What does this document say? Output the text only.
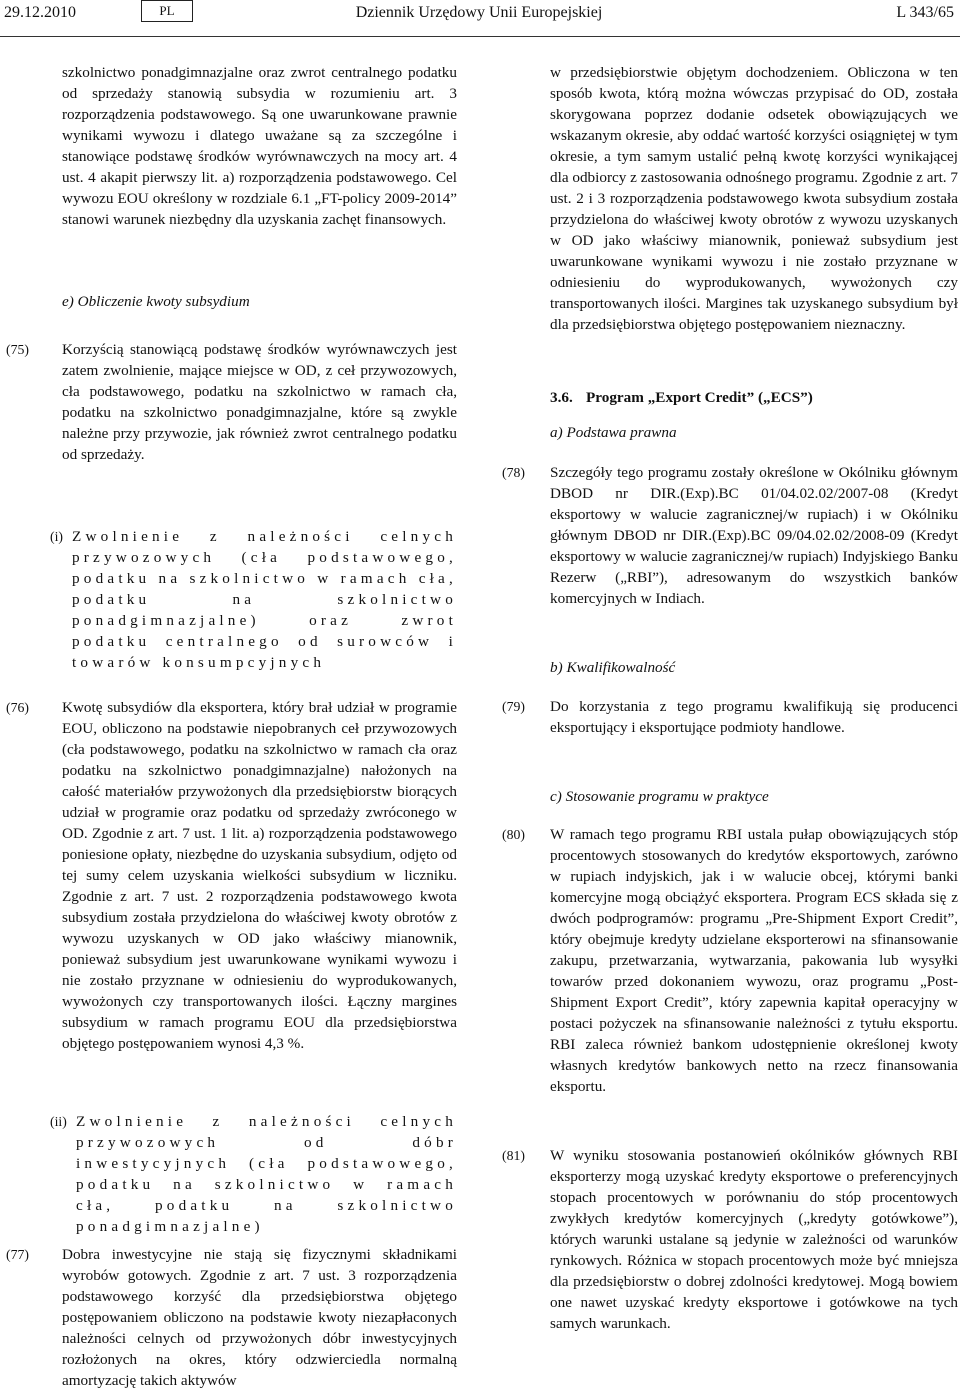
29.12.2010	PL	Dziennik Urzędowy Unii Europejskiej	L 343/65

szkolnictwo ponadgimnazjalne oraz zwrot centralnego podatku od sprzedaży stanowią subsydia w rozumieniu art. 3 rozporządzenia podstawowego. Są one uwarunkowane prawnie wynikami wywozu i dlatego uważane są za szczególne i stanowiące podstawę środków wyrównawczych na mocy art. 4 ust. 4 akapit pierwszy lit. a) rozporządzenia podstawowego. Cel wywozu EOU określony w rozdziale 6.1 „FT-policy 2009-2014” stanowi warunek niezbędny dla uzyskania zachęt finansowych.

e) Obliczenie kwoty subsydium

(75) Korzyścią stanowiącą podstawę środków wyrównawczych jest zatem zwolnienie, mające miejsce w OD, z ceł przywozowych, cła podstawowego, podatku na szkolnictwo w ramach cła, podatku na szkolnictwo ponadgimnazjalne, które są zwykle należne przy przywozie, jak również zwrot centralnego podatku od sprzedaży.

(i) Zwolnienie z należności celnych przywozowych (cła podstawowego, podatku na szkolnictwo w ramach cła, podatku na szkolnictwo ponadgimnazjalne) oraz zwrot podatku centralnego od surowców i towarów konsumpcyjnych

(76) Kwotę subsydiów dla eksportera, który brał udział w programie EOU, obliczono na podstawie niepobranych ceł przywozowych (cła podstawowego, podatku na szkolnictwo w ramach cła oraz podatku na szkolnictwo ponadgimnazjalne) nałożonych na całość materiałów przywożonych dla przedsiębiorstw biorących udział w programie oraz podatku od sprzedaży zwróconego w OD. Zgodnie z art. 7 ust. 1 lit. a) rozporządzenia podstawowego poniesione opłaty, niezbędne do uzyskania subsydium, odjęto od tej sumy celem uzyskania wielkości subsydium w liczniku. Zgodnie z art. 7 ust. 2 rozporządzenia podstawowego kwota subsydium została przydzielona do właściwej kwoty obrotów z wywozu uzyskanych w OD jako właściwy mianownik, ponieważ subsydium jest uwarunkowane wynikami wywozu i nie zostało przyznane w odniesieniu do wyprodukowanych, wywożonych czy transportowanych ilości. Łączny margines subsydium w ramach programu EOU dla przedsiębiorstwa objętego postępowaniem wynosi 4,3 %.

(ii) Zwolnienie z należności celnych przywozowych od dóbr inwestycyjnych (cła podstawowego, podatku na szkolnictwo w ramach cła, podatku na szkolnictwo ponadgimnazjalne)

(77) Dobra inwestycyjne nie stają się fizycznymi składnikami wyrobów gotowych. Zgodnie z art. 7 ust. 3 rozporządzenia podstawowego korzyść dla przedsiębiorstwa objętego postępowaniem obliczono na podstawie kwoty niezapłaconych należności celnych od przywożonych dóbr inwestycyjnych rozłożonych na okres, który odzwierciedla normalną amortyzację takich aktywów

w przedsiębiorstwie objętym dochodzeniem. Obliczona w ten sposób kwota, którą można wówczas przypisać do OD, została skorygowana poprzez dodanie odsetek obowiązujących we wskazanym okresie, aby oddać wartość korzyści osiągniętej w tym okresie, a tym samym ustalić pełną kwotę korzyści wynikającej dla odbiorcy z zastosowania odnośnego programu. Zgodnie z art. 7 ust. 2 i 3 rozporządzenia podstawowego kwota subsydium została przydzielona do właściwej kwoty obrotów z wywozu uzyskanych w OD jako właściwy mianownik, ponieważ subsydium jest uwarunkowane wynikami wywozu i nie zostało przyznane w odniesieniu do wyprodukowanych, wywożonych czy transportowanych ilości. Margines tak uzyskanego subsydium był dla przedsiębiorstwa objętego postępowaniem nieznaczny.

3.6. Program „Export Credit” („ECS”)

a) Podstawa prawna

(78) Szczegóły tego programu zostały określone w Okólniku głównym DBOD nr DIR.(Exp).BC 01/04.02.02/2007-08 (Kredyt eksportowy w walucie zagranicznej/w rupiach) i w Okólniku głównym DBOD nr DIR.(Exp).BC 09/04.02.02/2008-09 (Kredyt eksportowy w walucie zagranicznej/w rupiach) Indyjskiego Banku Rezerw („RBI”), adresowanym do wszystkich banków komercyjnych w Indiach.

b) Kwalifikowalność

(79) Do korzystania z tego programu kwalifikują się producenci eksportujący i eksportujące podmioty handlowe.

c) Stosowanie programu w praktyce

(80) W ramach tego programu RBI ustala pułap obowiązujących stóp procentowych stosowanych do kredytów eksportowych, zarówno w rupiach indyjskich, jak i w walucie obcej, którymi banki komercyjne mogą obciążyć eksportera. Program ECS składa się z dwóch podprogramów: programu „Pre-Shipment Export Credit”, który obejmuje kredyty udzielane eksporterowi na sfinansowanie zakupu, przetwarzania, wytwarzania, pakowania lub wysyłki towarów przed dokonaniem wywozu, oraz programu „Post-Shipment Export Credit”, który zapewnia kapitał operacyjny w postaci pożyczek na sfinansowanie należności z tytułu eksportu. RBI zaleca również bankom udostępnienie określonej kwoty własnych kredytów bankowych netto na rzecz finansowania eksportu.

(81) W wyniku stosowania postanowień okólników głównych RBI eksporterzy mogą uzyskać kredyty eksportowe o preferencyjnych stopach procentowych w porównaniu do stóp procentowych zwykłych kredytów komercyjnych („kredyty gotówkowe”), których warunki ustalane są jedynie w zależności od warunków rynkowych. Różnica w stopach procentowych może być mniejsza dla przedsiębiorstw o dobrej zdolności kredytowej. Mogą bowiem one nawet uzyskać kredyty eksportowe i gotówkowe na tych samych warunkach.
